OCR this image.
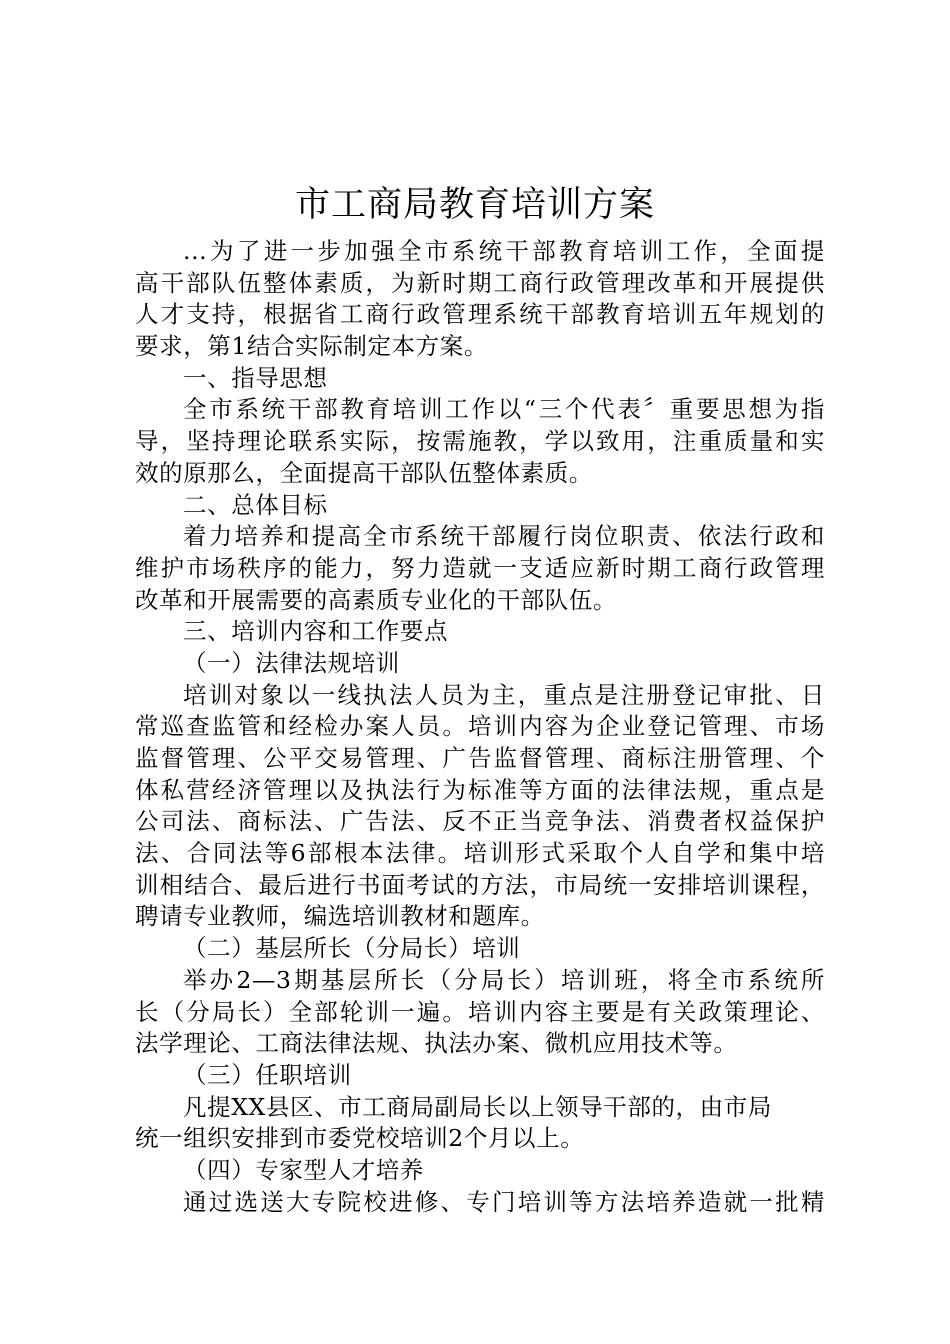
市工商局教育培训方案
...为了进一步加强全市系统干部教育培训工作，全面提
高干部队伍整体素质，为新时期工商行政管理改革和开展提供
人才支持，根据省工商行政管理系统干部教育培训五年规划的
要求，第1结合实际制定本方案。
一、指导思想
全市系统干部教育培训工作以“三个代表〞重要思想为指
导，坚持理论联系实际，按需施教，学以致用，注重质量和实
效的原那么，全面提高干部队伍整体素质。
二、总体目标
着力培养和提高全市系统干部履行岗位职责、依法行政和
维护市场秩序的能力，努力造就一支适应新时期工商行政管理
改革和开展需要的高素质专业化的干部队伍。
三、培训内容和工作要点
（一）法律法规培训
培训对象以一线执法人员为主，重点是注册登记审批、日
常巡查监管和经检办案人员。培训内容为企业登记管理、市场
监督管理、公平交易管理、广告监督管理、商标注册管理、个
体私营经济管理以及执法行为标准等方面的法律法规，重点是
公司法、商标法、广告法、反不正当竞争法、消费者权益保护
法、合同法等6部根本法律。培训形式采取个人自学和集中培
训相结合、最后进行书面考试的方法，市局统一安排培训课程，
聘请专业教师，编选培训教材和题库。
（二）基层所长（分局长）培训
举办2—3期基层所长（分局长）培训班，将全市系统所
长（分局长）全部轮训一遍。培训内容主要是有关政策理论、
法学理论、工商法律法规、执法办案、微机应用技术等。
（三）任职培训
凡提XX县区、市工商局副局长以上领导干部的，由市局
统一组织安排到市委党校培训2个月以上。
（四）专家型人才培养
通过选送大专院校进修、专门培训等方法培养造就一批精
